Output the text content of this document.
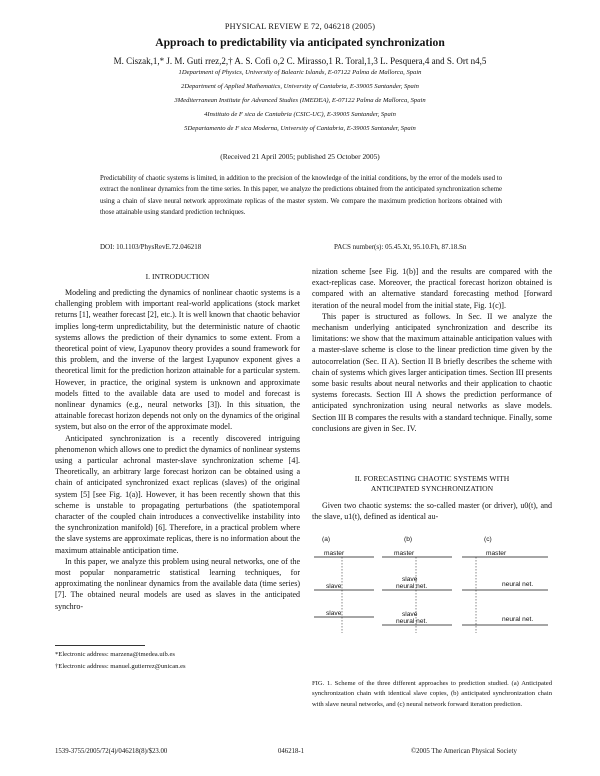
PHYSICAL REVIEW E 72, 046218 (2005)
Approach to predictability via anticipated synchronization
M. Ciszak,1,* J. M. Guti rrez,2,† A. S. Cofi o,2 C. Mirasso,1 R. Toral,1,3 L. Pesquera,4 and S. Ort n4,5
1Department of Physics, University of Balearic Islands, E-07122 Palma de Mallorca, Spain
2Department of Applied Mathematics, University of Cantabria, E-39005 Santander, Spain
3Mediterranean Institute for Advanced Studies (IMEDEA), E-07122 Palma de Mallorca, Spain
4Instituto de F sica de Cantabria (CSIC-UC), E-39005 Santander, Spain
5Departamento de F sica Moderna, University of Cantabria, E-39005 Santander, Spain
(Received 21 April 2005; published 25 October 2005)
Predictability of chaotic systems is limited, in addition to the precision of the knowledge of the initial conditions, by the error of the models used to extract the nonlinear dynamics from the time series. In this paper, we analyze the predictions obtained from the anticipated synchronization scheme using a chain of slave neural network approximate replicas of the master system. We compare the maximum prediction horizons obtained with those attainable using standard prediction techniques.
DOI: 10.1103/PhysRevE.72.046218	PACS number(s): 05.45.Xt, 95.10.Fh, 87.18.Sn
I. INTRODUCTION

Modeling and predicting the dynamics of nonlinear chaotic systems is a challenging problem with important real-world applications (stock market returns [1], weather forecast [2], etc.). It is well known that chaotic behavior implies long-term unpredictability, but the deterministic nature of chaotic systems allows the prediction of their dynamics to some extent. From a theoretical point of view, Lyapunov theory provides a sound framework for this problem, and the inverse of the largest Lyapunov exponent gives a theoretical limit for the prediction horizon attainable for a particular system. However, in practice, the original system is unknown and approximate models fitted to the available data are used to model and forecast is nonlinear dynamics (e.g., neural networks [3]). In this situation, the attainable forecast horizon depends not only on the dynamics of the original system, but also on the error of the approximate model.

Anticipated synchronization is a recently discovered intriguing phenomenon which allows one to predict the dynamics of nonlinear systems using a particular achronal master-slave synchronization scheme [4]. Theoretically, an arbitrary large forecast horizon can be obtained using a chain of anticipated synchronized exact replicas (slaves) of the original system [5] [see Fig. 1(a)]. However, it has been recently shown that this scheme is unstable to propagating perturbations (the spatiotemporal character of the coupled chain introduces a convectivelike instability into the synchronization manifold) [6]. Therefore, in a practical problem where the slave systems are approximate replicas, there is no information about the maximum attainable anticipation time.

In this paper, we analyze this problem using neural networks, one of the most popular nonparametric statistical learning techniques, for approximating the nonlinear dynamics from the available data (time series) [7]. The obtained neural models are used as slaves in the anticipated synchro-

nization scheme [see Fig. 1(b)] and the results are compared with the exact-replicas case. Moreover, the practical forecast horizon obtained is compared with an alternative standard forecasting method [forward iteration of the neural model from the initial state, Fig. 1(c)].

This paper is structured as follows. In Sec. II we analyze the mechanism underlying anticipated synchronization and describe its limitations: we show that the maximum attainable anticipation values with a master-slave scheme is close to the linear prediction time given by the autocorrelation (Sec. II A). Section II B briefly describes the scheme with chain of systems which gives larger anticipation times. Section III presents some basic results about neural networks and their application to chaotic systems forecasts. Section III A shows the prediction performance of anticipated synchronization using neural networks as slave models. Section III B compares the results with a standard technique. Finally, some conclusions are given in Sec. IV.

II. FORECASTING CHAOTIC SYSTEMS WITH
ANTICIPATED SYNCHRONIZATION

Given two chaotic systems: the so-called master (or driver), u0(t), and the slave, u1(t), defined as identical au-

(a)	(b)	(c)
master
slave
slave
master
slave
neural net.
slave
neural net.
master
neural net.
neural net.
FIG. 1. Scheme of the three different approaches to prediction studied. (a) Anticipated synchronization chain with identical slave copies, (b) anticipated synchronization chain with slave neural networks, and (c) neural network forward iteration prediction.
*Electronic address: marzena@imedea.uib.es
†Electronic address: manuel.gutierrez@unican.es
1539-3755/2005/72(4)/046218(8)/$23.00	046218-1	©2005 The American Physical Society
